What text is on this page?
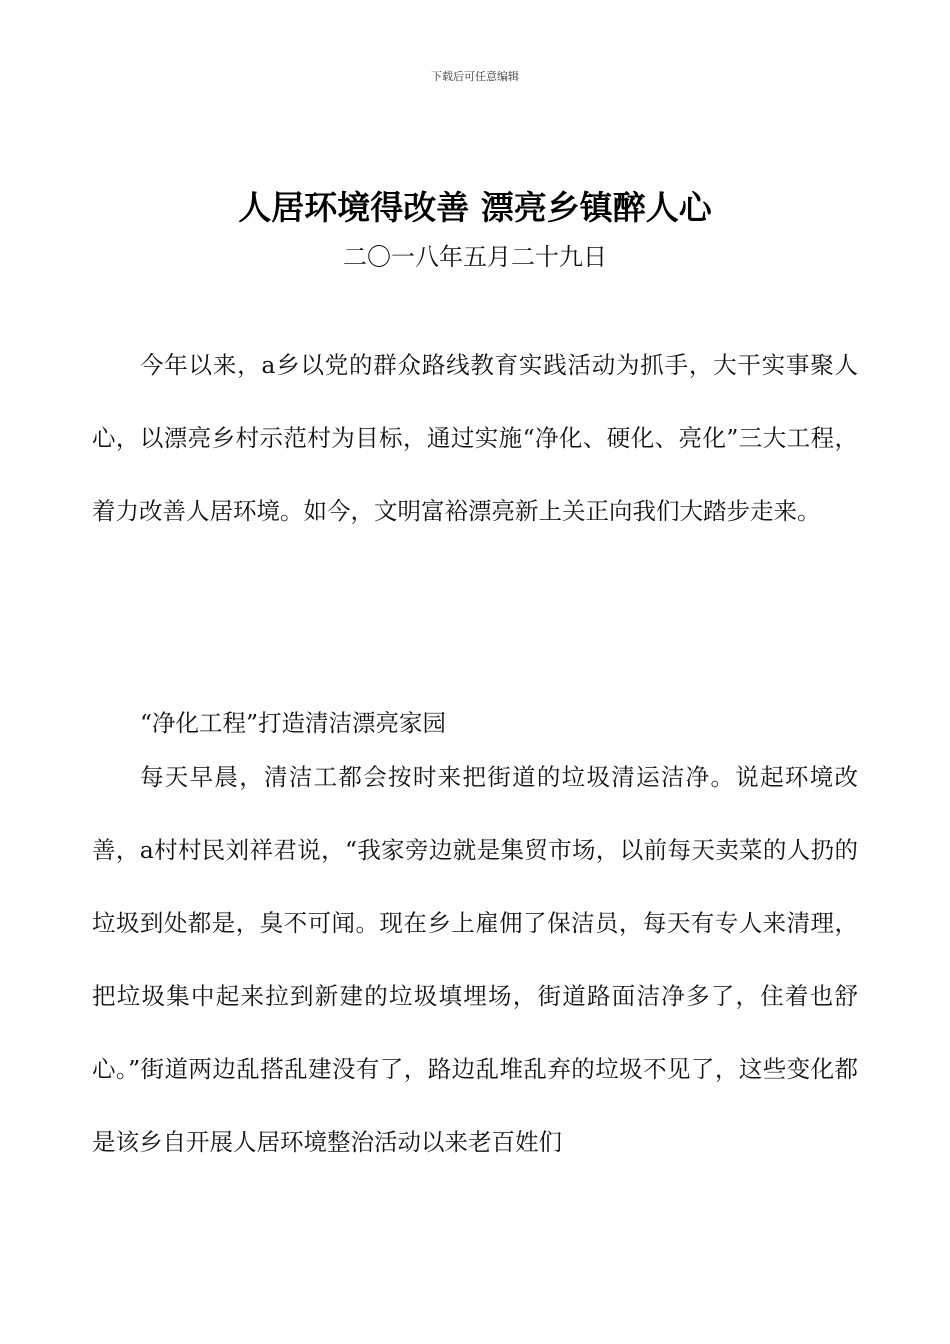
下载后可任意编辑
人居环境得改善 漂亮乡镇醉人心
二〇一八年五月二十九日

今年以来，a乡以党的群众路线教育实践活动为抓手，大干实事聚人心，以漂亮乡村示范村为目标，通过实施“净化、硬化、亮化”三大工程，着力改善人居环境。如今，文明富裕漂亮新上关正向我们大踏步走来。

“净化工程”打造清洁漂亮家园

每天早晨，清洁工都会按时来把街道的垃圾清运洁净。说起环境改善，a村村民刘祥君说，“我家旁边就是集贸市场，以前每天卖菜的人扔的垃圾到处都是，臭不可闻。现在乡上雇佣了保洁员，每天有专人来清理，把垃圾集中起来拉到新建的垃圾填埋场，街道路面洁净多了，住着也舒心。”街道两边乱搭乱建没有了，路边乱堆乱弃的垃圾不见了，这些变化都是该乡自开展人居环境整治活动以来老百姓们
